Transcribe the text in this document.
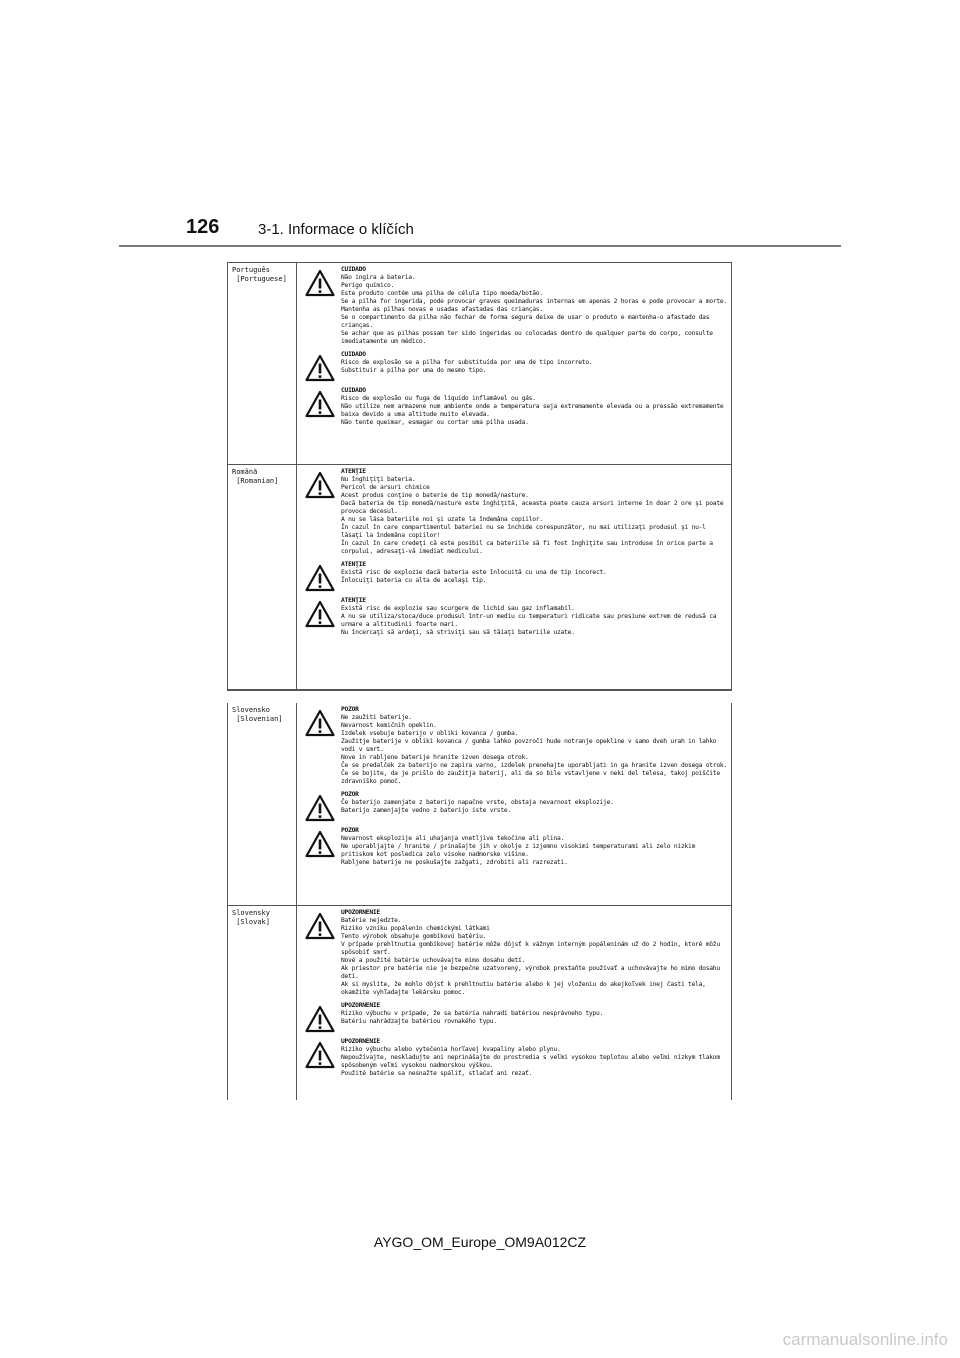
126	3-1. Informace o klíčích
Português
[Portuguese]
CUIDADO
Não ingira a bateria.
Perigo químico.
Este produto contém uma pilha de célula tipo moeda/botão.
Se a pilha for ingerida, pode provocar graves queimaduras internas em apenas 2 horas e pode provocar a morte.
Mantenha as pilhas novas e usadas afastadas das crianças.
Se o compartimento da pilha não fechar de forma segura deixe de usar o produto e mantenha-o afastado das crianças.
Se achar que as pilhas possam ter sido ingeridas ou colocadas dentro de qualquer parte do corpo, consulte imediatamente um médico.
CUIDADO
Risco de explosão se a pilha for substituída por uma de tipo incorreto.
Substituir a pilha por uma do mesmo tipo.
CUIDADO
Risco de explosão ou fuga de líquido inflamável ou gás.
Não utilize nem armazene num ambiente onde a temperatura seja extremamente elevada ou a pressão extremamente baixa devido a uma altitude muito elevada.
Não tente queimar, esmagar ou cortar uma pilha usada.
Română
[Romanian]
ATENŢIE
Nu înghiţiţi bateria.
Pericol de arsuri chimice
Acest produs conţine o baterie de tip monedă/nasture.
Dacă bateria de tip monedă/nasture este înghiţită, aceasta poate cauza arsuri interne în doar 2 ore şi poate provoca decesul.
A nu se lăsa bateriile noi şi uzate la îndemâna copiilor.
În cazul în care compartimentul bateriei nu se închide corespunzător, nu mai utilizaţi produsul şi nu-l lăsaţi la îndemâna copiilor!
În cazul în care credeţi că este posibil ca bateriile să fi fost înghiţite sau introduse în orice parte a corpului, adresaţi-vă imediat medicului.
ATENŢIE
Există risc de explozie dacă bateria este înlocuită cu una de tip incorect.
Înlocuiţi bateria cu alta de acelaşi tip.
ATENŢIE
Există risc de explozie sau scurgere de lichid sau gaz inflamabil.
A nu se utiliza/stoca/duce produsul într-un mediu cu temperaturi ridicate sau presiune extrem de redusă ca urmare a altitudinii foarte mari.
Nu încercaţi să ardeţi, să striviţi sau să tăiaţi bateriile uzate.
Slovensko
[Slovenian]
POZOR
Ne zaužiti baterije.
Nevarnost kemičnih opeklin.
Izdelek vsebuje baterijo v obliki kovanca / gumba.
Zaužitje baterije v obliki kovanca / gumba lahko povzroči hude notranje opekline v samo dveh urah in lahko vodi v smrt.
Nove in rabljene baterije hranite izven dosega otrok.
Če se predalček za baterijo ne zapira varno, izdelek prenehajte uporabljati in ga hranite izven dosega otrok.
Če se bojite, da je prišlo do zaužitja baterij, ali da so bile vstavljene v neki del telesa, takoj poiščite zdravniško pomoč.
POZOR
Če baterijo zamenjate z baterijo napačne vrste, obstaja nevarnost eksplozije.
Baterijo zamenjajte vedno z baterijo iste vrste.
POZOR
Nevarnost eksplozije ali uhajanja vnetljive tekočine ali plina.
Ne uporabljajte / hranite / prinašajte jih v okolje z izjemno visokimi temperaturami ali zelo nizkim pritiskom kot posledica zelo visoke nadmorske višine.
Rabljene baterije ne poskušajte zažgati, zdrobiti ali razrezati.
Slovensky
[Slovak]
UPOZORNENIE
Batérie nejedzte.
Riziko vzniku popálenín chemickými látkami
Tento výrobok obsahuje gombíkovú batériu.
V prípade prehltnutia gombíkovej batérie môže dôjsť k vážnym interným popáleninám už do 2 hodín, ktoré môžu spôsobiť smrť.
Nové a použité batérie uchovávajte mimo dosahu detí.
Ak priestor pre batérie nie je bezpečne uzatvorený, výrobok prestaňte používať a uchovávajte ho mimo dosahu detí.
Ak si myslíte, že mohlo dôjsť k prehltnutiu batérie alebo k jej vloženiu do akejkoľvek inej časti tela, okamžite vyhľadajte lekársku pomoc.
UPOZORNENIE
Riziko výbuchu v prípade, že sa batéria nahradí batériou nesprávneho typu.
Batériu nahrádzajte batériou rovnakého typu.
UPOZORNENIE
Riziko výbuchu alebo vytečenia horľavej kvapaliny alebo plynu.
Nepoužívajte, neskladujte ani neprinášajte do prostredia s veľmi vysokou teplotou alebo veľmi nízkym tlakom spôsobeným veľmi vysokou nadmorskou výškou.
Použité batérie sa nesnažte spáliť, stlačať ani rezať.
AYGO_OM_Europe_OM9A012CZ
carmanualsonline.info
